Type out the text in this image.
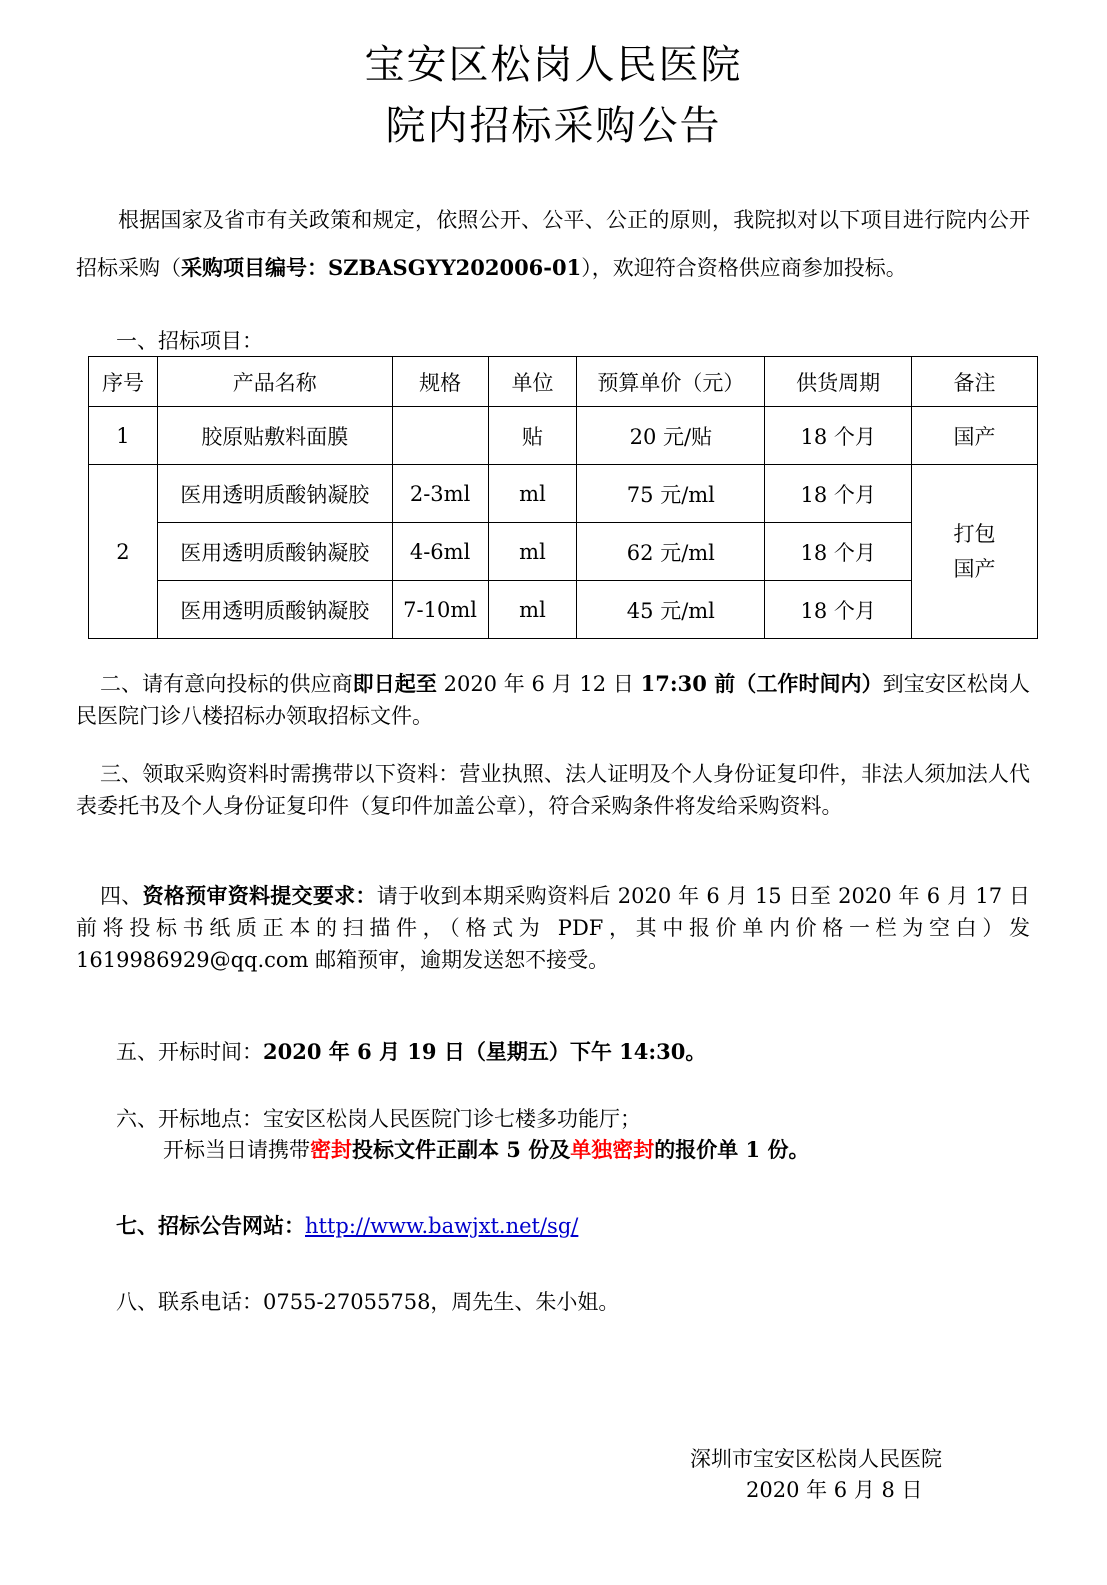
宝安区松岗人民医院
院内招标采购公告
根据国家及省市有关政策和规定，依照公开、公平、公正的原则，我院拟对以下项目进行院内公开招标采购（采购项目编号：SZBASGYY202006-01），欢迎符合资格供应商参加投标。
一、招标项目：
序号	产品名称	规格	单位	预算单价（元）	供货周期	备注
1	胶原贴敷料面膜		贴	20 元/贴	18 个月	国产
2	医用透明质酸钠凝胶	2-3ml	ml	75 元/ml	18 个月	打包
国产

	医用透明质酸钠凝胶	4-6ml	ml	62 元/ml	18 个月	
	医用透明质酸钠凝胶	7-10ml	ml	45 元/ml	18 个月	
二、请有意向投标的供应商即日起至 2020 年 6 月 12 日 17:30 前（工作时间内）到宝安区松岗人民医院门诊八楼招标办领取招标文件。
三、领取采购资料时需携带以下资料：营业执照、法人证明及个人身份证复印件，非法人须加法人代表委托书及个人身份证复印件（复印件加盖公章），符合采购条件将发给采购资料。
四、资格预审资料提交要求：请于收到本期采购资料后 2020 年 6 月 15 日至 2020 年 6 月 17 日前将投标书纸质正本的扫描件，（格式为 PDF，其中报价单内价格一栏为空白）发 1619986929@qq.com 邮箱预审，逾期发送恕不接受。
五、开标时间：2020 年 6 月 19 日（星期五）下午 14:30。
六、开标地点：宝安区松岗人民医院门诊七楼多功能厅；
开标当日请携带密封投标文件正副本 5 份及单独密封的报价单 1 份。
七、招标公告网站：http://www.bawjxt.net/sg/
八、联系电话：0755-27055758，周先生、朱小姐。
深圳市宝安区松岗人民医院
2020 年 6 月 8 日
